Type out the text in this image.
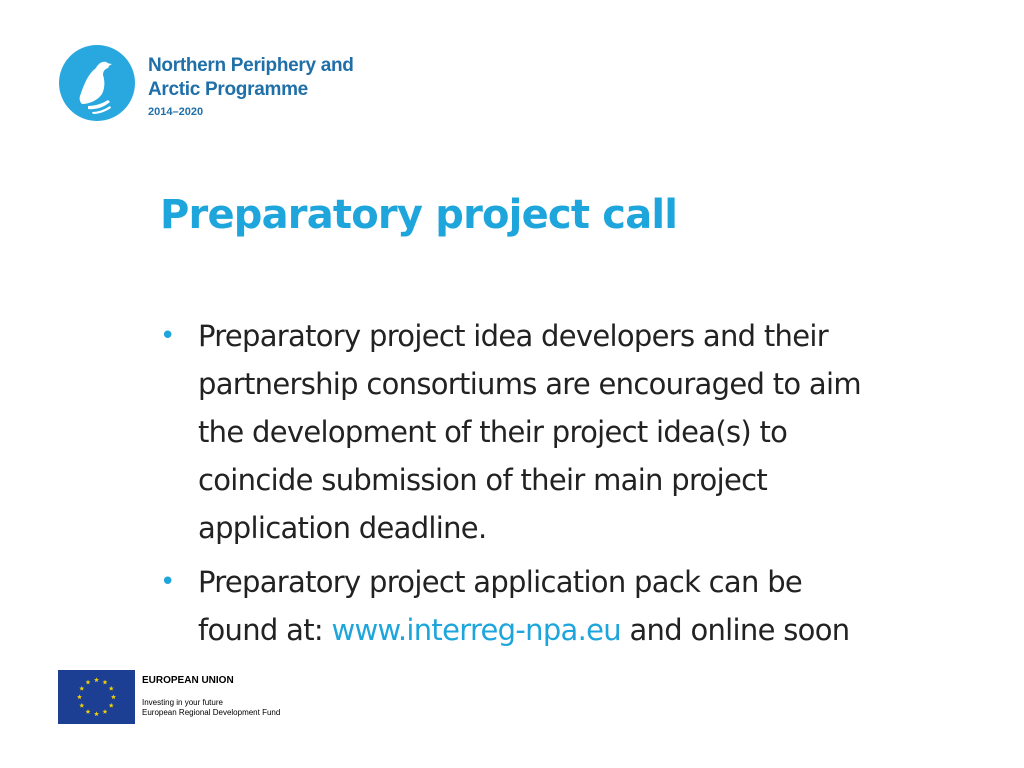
Northern Periphery and
Arctic Programme
2014–2020
Preparatory project call
• Preparatory project idea developers and their
partnership consortiums are encouraged to aim
the development of their project idea(s) to
coincide submission of their main project
application deadline.
• Preparatory project application pack can be
found at: www.interreg-npa.eu and online soon
EUROPEAN UNION
Investing in your future
European Regional Development Fund
